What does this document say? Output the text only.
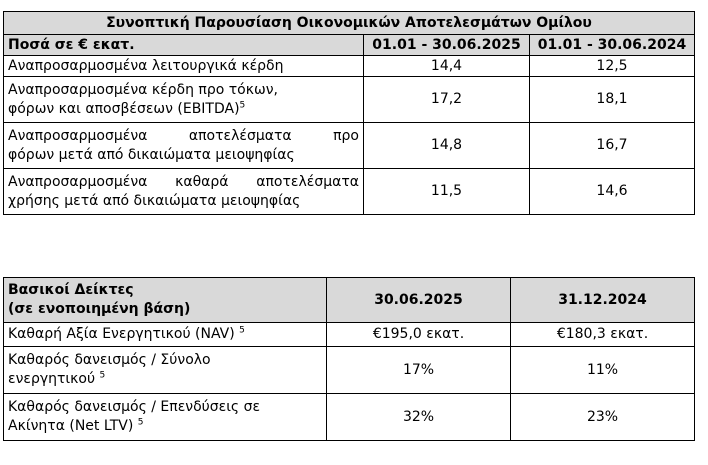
Συνοπτική Παρουσίαση Οικονομικών Αποτελεσμάτων Ομίλου		
Ποσά σε € εκατ.	01.01 - 30.06.2025	01.01 - 30.06.2024
Αναπροσαρμοσμένα λειτουργικά κέρδη	14,4	12,5

Αναπροσαρμοσμένα κέρδη προ τόκων,
φόρων και αποσβέσεων (EBITDA)$^5$	17,2	18,1

Αναπροσαρμοσμένα αποτελέσματα προ
φόρων μετά από δικαιώματα μειοψηφίας	14,8	16,7

Αναπροσαρμοσμένα καθαρά αποτελέσματα
χρήσης μετά από δικαιώματα μειοψηφίας	11,5	14,6
Βασικοί Δείκτες
(σε ενοποιημένη βάση)	30.06.2025	31.12.2024
Καθαρή Αξία Ενεργητικού (NAV) $^5$	€195,0 εκατ.	€180,3 εκατ.

Καθαρός δανεισμός / Σύνολο
ενεργητικού $^5$	17%	11%

Καθαρός δανεισμός / Επενδύσεις σε
Ακίνητα (Net LTV) $^5$	32%	23%
